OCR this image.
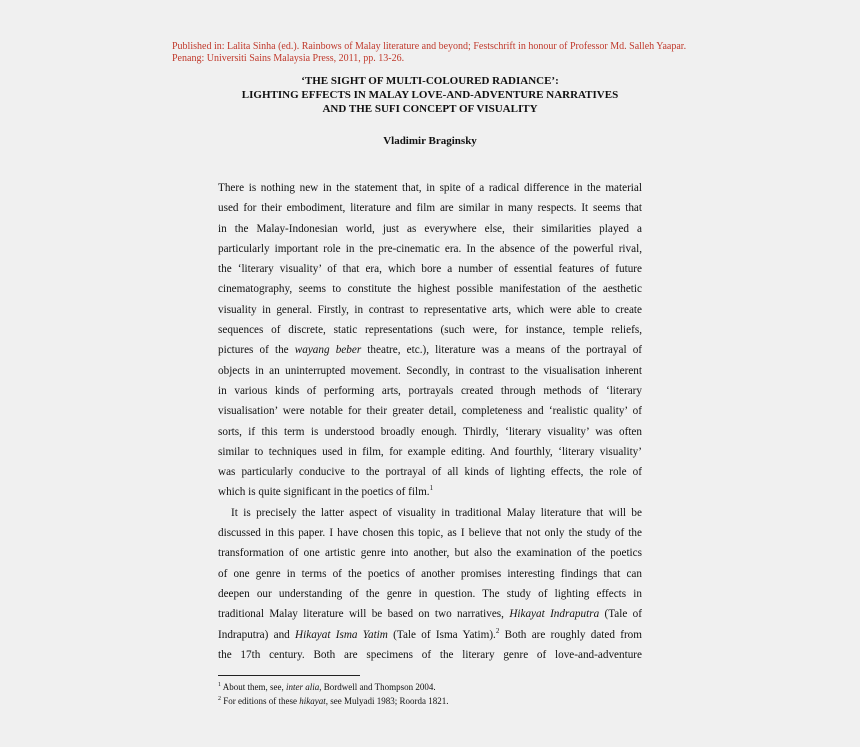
Published in: Lalita Sinha (ed.). Rainbows of Malay literature and beyond; Festschrift in honour of Professor Md. Salleh Yaapar.
Penang: Universiti Sains Malaysia Press, 2011, pp. 13-26.
‘THE SIGHT OF MULTI-COLOURED RADIANCE’:
LIGHTING EFFECTS IN MALAY LOVE-AND-ADVENTURE NARRATIVES
AND THE SUFI CONCEPT OF VISUALITY
Vladimir Braginsky
There is nothing new in the statement that, in spite of a radical difference in the material
used for their embodiment, literature and film are similar in many respects. It seems that
in the Malay-Indonesian world, just as everywhere else, their similarities played a
particularly important role in the pre-cinematic era. In the absence of the powerful rival,
the ‘literary visuality’ of that era, which bore a number of essential features of future
cinematography, seems to constitute the highest possible manifestation of the aesthetic
visuality in general. Firstly, in contrast to representative arts, which were able to create
sequences of discrete, static representations (such were, for instance, temple reliefs,
pictures of the wayang beber theatre, etc.), literature was a means of the portrayal of
objects in an uninterrupted movement. Secondly, in contrast to the visualisation inherent
in various kinds of performing arts, portrayals created through methods of ‘literary
visualisation’ were notable for their greater detail, completeness and ‘realistic quality’ of
sorts, if this term is understood broadly enough. Thirdly, ‘literary visuality’ was often
similar to techniques used in film, for example editing. And fourthly, ‘literary visuality’
was particularly conducive to the portrayal of all kinds of lighting effects, the role of
which is quite significant in the poetics of film.$^1$
It is precisely the latter aspect of visuality in traditional Malay literature that will be
discussed in this paper. I have chosen this topic, as I believe that not only the study of the
transformation of one artistic genre into another, but also the examination of the poetics
of one genre in terms of the poetics of another promises interesting findings that can
deepen our understanding of the genre in question. The study of lighting effects in
traditional Malay literature will be based on two narratives, Hikayat Indraputra (Tale of
Indraputra) and Hikayat Isma Yatim (Tale of Isma Yatim).$^2$ Both are roughly dated from
the 17th century. Both are specimens of the literary genre of love-and-adventure
$^1$ About them, see, inter alia, Bordwell and Thompson 2004.
$^2$ For editions of these hikayat, see Mulyadi 1983; Roorda 1821.
